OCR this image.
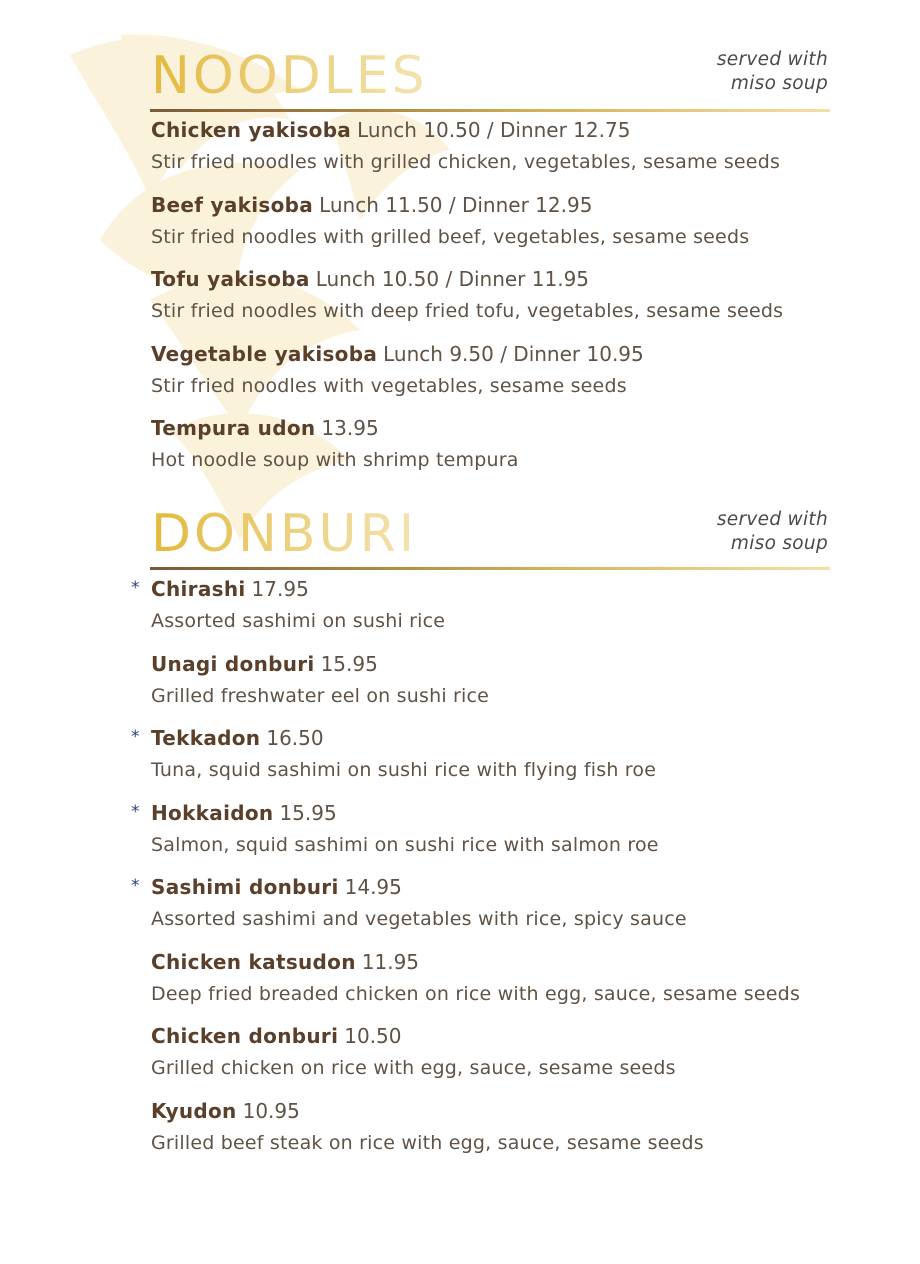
NOODLES	served with
miso soup
Chicken yakisoba Lunch 10.50 / Dinner 12.75
Stir fried noodles with grilled chicken, vegetables, sesame seeds
Beef yakisoba Lunch 11.50 / Dinner 12.95
Stir fried noodles with grilled beef, vegetables, sesame seeds
Tofu yakisoba Lunch 10.50 / Dinner 11.95
Stir fried noodles with deep fried tofu, vegetables, sesame seeds
Vegetable yakisoba Lunch 9.50 / Dinner 10.95
Stir fried noodles with vegetables, sesame seeds
Tempura udon 13.95
Hot noodle soup with shrimp tempura
DONBURI	served with
miso soup
* Chirashi 17.95
Assorted sashimi on sushi rice
Unagi donburi 15.95
Grilled freshwater eel on sushi rice
* Tekkadon 16.50
Tuna, squid sashimi on sushi rice with flying fish roe
* Hokkaidon 15.95
Salmon, squid sashimi on sushi rice with salmon roe
* Sashimi donburi 14.95
Assorted sashimi and vegetables with rice, spicy sauce
Chicken katsudon 11.95
Deep fried breaded chicken on rice with egg, sauce, sesame seeds
Chicken donburi 10.50
Grilled chicken on rice with egg, sauce, sesame seeds
Kyudon 10.95
Grilled beef steak on rice with egg, sauce, sesame seeds
